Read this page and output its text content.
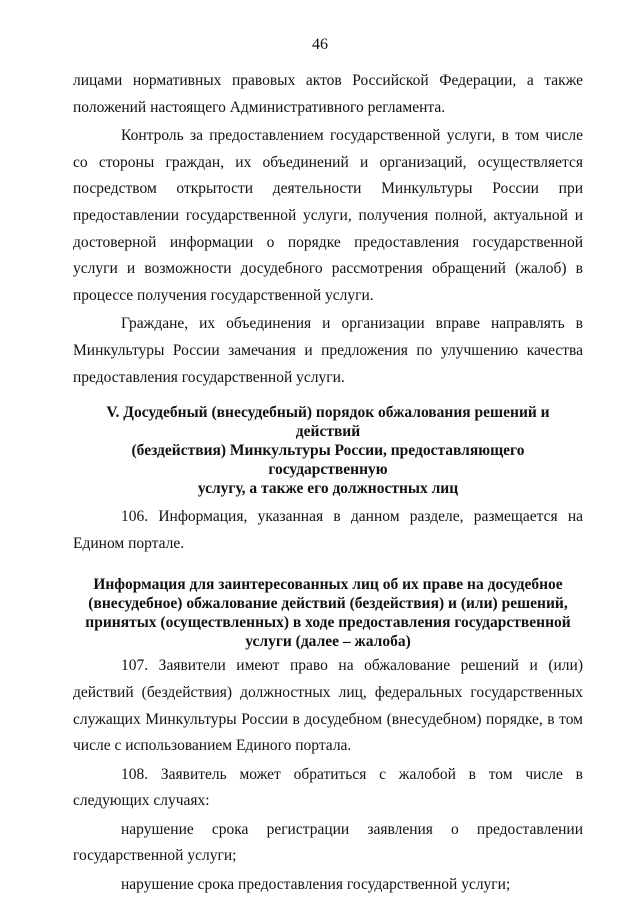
46

лицами нормативных правовых актов Российской Федерации, а также положений настоящего Административного регламента.

Контроль за предоставлением государственной услуги, в том числе со стороны граждан, их объединений и организаций, осуществляется посредством открытости деятельности Минкультуры России при предоставлении государственной услуги, получения полной, актуальной и достоверной информации о порядке предоставления государственной услуги и возможности досудебного рассмотрения обращений (жалоб) в процессе получения государственной услуги.

Граждане, их объединения и организации вправе направлять в Минкультуры России замечания и предложения по улучшению качества предоставления государственной услуги.

V. Досудебный (внесудебный) порядок обжалования решений и действий
(бездействия) Минкультуры России, предоставляющего государственную
услугу, а также его должностных лиц

106. Информация, указанная в данном разделе, размещается на Едином портале.

Информация для заинтересованных лиц об их праве на досудебное
(внесудебное) обжалование действий (бездействия) и (или) решений,
принятых (осуществленных) в ходе предоставления государственной
услуги (далее – жалоба)

107. Заявители имеют право на обжалование решений и (или) действий (бездействия) должностных лиц, федеральных государственных служащих Минкультуры России в досудебном (внесудебном) порядке, в том числе с использованием Единого портала.

108. Заявитель может обратиться с жалобой в том числе в следующих случаях:

нарушение срока регистрации заявления о предоставлении государственной услуги;

нарушение срока предоставления государственной услуги;
